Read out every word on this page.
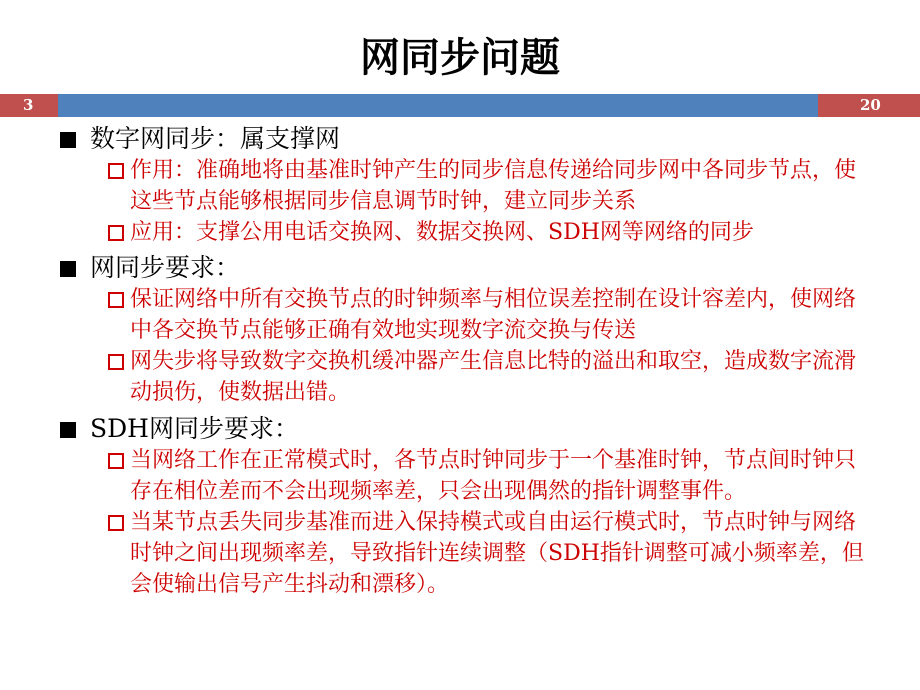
网同步问题
3	20
数字网同步：属支撑网
作用：准确地将由基准时钟产生的同步信息传递给同步网中各同步节点，使这些节点能够根据同步信息调节时钟，建立同步关系
应用：支撑公用电话交换网、数据交换网、SDH网等网络的同步
网同步要求：
保证网络中所有交换节点的时钟频率与相位误差控制在设计容差内，使网络中各交换节点能够正确有效地实现数字流交换与传送
网失步将导致数字交换机缓冲器产生信息比特的溢出和取空，造成数字流滑动损伤，使数据出错。
SDH网同步要求：
当网络工作在正常模式时，各节点时钟同步于一个基准时钟，节点间时钟只存在相位差而不会出现频率差，只会出现偶然的指针调整事件。
当某节点丢失同步基准而进入保持模式或自由运行模式时，节点时钟与网络时钟之间出现频率差，导致指针连续调整（SDH指针调整可减小频率差，但会使输出信号产生抖动和漂移）。
